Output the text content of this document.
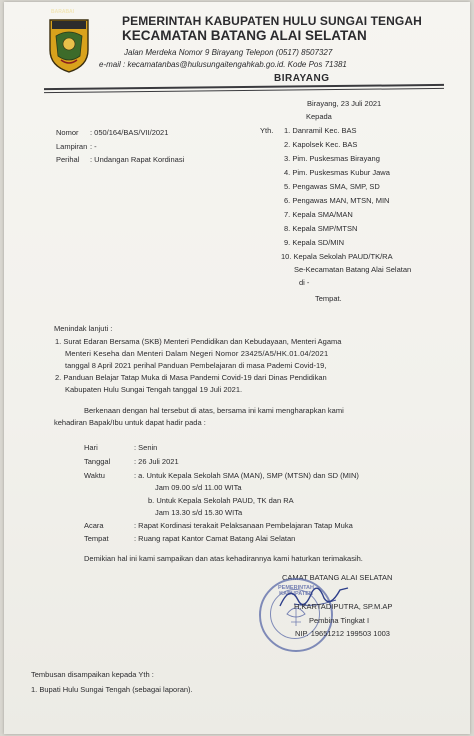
BARABAI
PEMERINTAH KABUPATEN HULU SUNGAI TENGAH
KECAMATAN BATANG ALAI SELATAN
Jalan Merdeka Nomor 9 Birayang Telepon (0517) 8507327
e-mail : kecamatanbas@hulusungaitengahkab.go.id. Kode Pos 71381
BIRAYANG
Birayang, 23 Juli 2021
Nomor : 050/164/BAS/VII/2021
Lampiran : -
Perihal : Undangan Rapat Kordinasi
Kepada
Yth. 1. Danramil Kec. BAS
2. Kapolsek Kec. BAS
3. Pim. Puskesmas Birayang
4. Pim. Puskesmas Kubur Jawa
5. Pengawas SMA, SMP, SD
6. Pengawas MAN, MTSN, MIN
7. Kepala SMA/MAN
8. Kepala SMP/MTSN
9. Kepala SD/MIN
10. Kepala Sekolah PAUD/TK/RA
Se-Kecamatan Batang Alai Selatan
di -
Tempat.
Menindak lanjuti :
1. Surat Edaran Bersama (SKB) Menteri Pendidikan dan Kebudayaan, Menteri Agama
Menteri Keseha dan Menteri Dalam Negeri Nomor 23425/A5/HK.01.04/2021
tanggal 8 April 2021 perihal Panduan Pembelajaran di masa Pademi Covid-19,
2. Panduan Belajar Tatap Muka di Masa Pandemi Covid-19 dari Dinas Pendidikan
Kabupaten Hulu Sungai Tengah tanggal 19 Juli 2021.
Berkenaan dengan hal tersebut di atas, bersama ini kami mengharapkan kami
kehadiran Bapak/Ibu untuk dapat hadir pada :
Hari	: Senin
Tanggal	: 26 Juli 2021
Waktu	: a. Untuk Kepala Sekolah SMA (MAN), SMP (MTSN) dan SD (MIN)
Jam 09.00 s/d 11.00 WITa
b. Untuk Kepala Sekolah PAUD, TK dan RA
Jam 13.30 s/d 15.30 WITa
Acara	: Rapat Kordinasi terakait Pelaksanaan Pembelajaran Tatap Muka
Tempat	: Ruang rapat Kantor Camat Batang Alai Selatan
Demikian hal ini kami sampaikan dan atas kehadirannya kami haturkan terimakasih.
CAMAT BATANG ALAI SELATAN
PEMERINTAH KABUPATEN
H.KARTADIPUTRA, SP.M.AP
Pembina Tingkat I
NIP. 19651212 199503 1003
Tembusan disampaikan kepada Yth :
1. Bupati Hulu Sungai Tengah (sebagai laporan).
